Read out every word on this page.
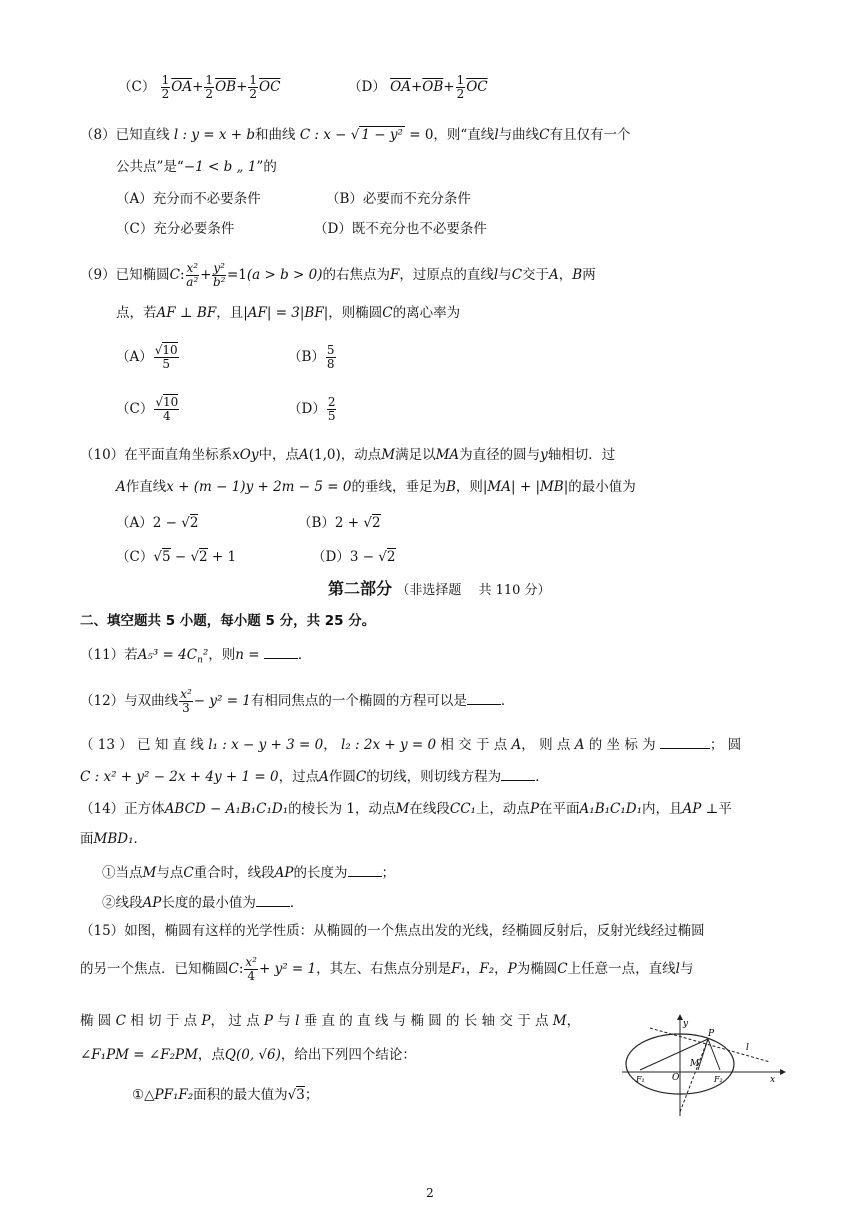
$(C) \frac{1}{2} \overline{OA}+ \frac{1}{2} \overline{OB}+ \frac{1}{2} \overline{OC}$	（D） $\overline{OA}+\overline{OB}+ \frac{1}{2} \overline{OC}$
（8）已知直线 l : y = x + b和曲线 C : x − √ 1 − y² = 0，则“直线l与曲线C有且仅有一个
公共点”是“−1 < b „ 1”的
（A）充分而不必要条件	（B）必要而不充分条件
（C）充分必要条件	（D）既不充分也不必要条件
（9）已知椭圆C: $\frac{\text{x²}}{\text{a²}} + \frac{\text{y²}}{\text{b²}} =1(a > b > 0)$的右焦点为F，过原点的直线l与C交于A，B两
点，若AF ⊥ BF，且|AF| = 3|BF|，则椭圆C的离心率为
$(A) \frac{√10}{5}$	$(B) \frac{5}{8}$
$(C) \frac{√10}{4}$	$(D) \frac{2}{5}$
（10）在平面直角坐标系xOy中，点A(1,0)，动点M满足以MA为直径的圆与y轴相切．过
A作直线x + (m − 1)y + 2m − 5 = 0的垂线，垂足为B，则|MA| + |MB|的最小值为
（A）2 − √2	（B）2 + √2
（C）√5 − √2 + 1	（D）3 − √2
第二部分 （非选择题　 共 110 分）
二、填空题共 5 小题，每小题 5 分，共 25 分。
（11）若$A_5^3 = 4C_n^2$，则n =	．
（12）与双曲线 $\frac{\text{x²}}{3} - y^2 = 1$有相同焦点的一个椭圆的方程可以是	．
（ 13 ） 已 知 直 线 l₁ : x − y + 3 = 0， l₂ : 2x + y = 0 相 交 于 点 A， 则 点 A 的 坐 标 为	； 圆
C : x² + y² − 2x + 4y + 1 = 0，过点A作圆C的切线，则切线方程为	．
（14）正方体ABCD − A₁B₁C₁D₁的棱长为 1，动点M在线段CC₁上，动点P在平面A₁B₁C₁D₁内，且AP ⊥平
面MBD₁．
①当点M与点C重合时，线段AP的长度为	；
②线段AP长度的最小值为	．
（15）如图，椭圆有这样的光学性质：从椭圆的一个焦点出发的光线，经椭圆反射后，反射光线经过椭圆
的另一个焦点．已知椭圆C: $\frac{\text{x²}}{4} + y^2 = 1$，其左、右焦点分别是F₁，F₂，P为椭圆C上任意一点，直线l与
椭 圆 C 相 切 于 点 P， 过 点 P 与 l 垂 直 的 直 线 与 椭 圆 的 长 轴 交 于 点 M，
∠F₁PM = ∠F₂PM，点Q(0, √6)，给出下列四个结论：
①△PF₁F₂面积的最大值为√3；
y
x
P
M
O
F₁	F₂
l
2
